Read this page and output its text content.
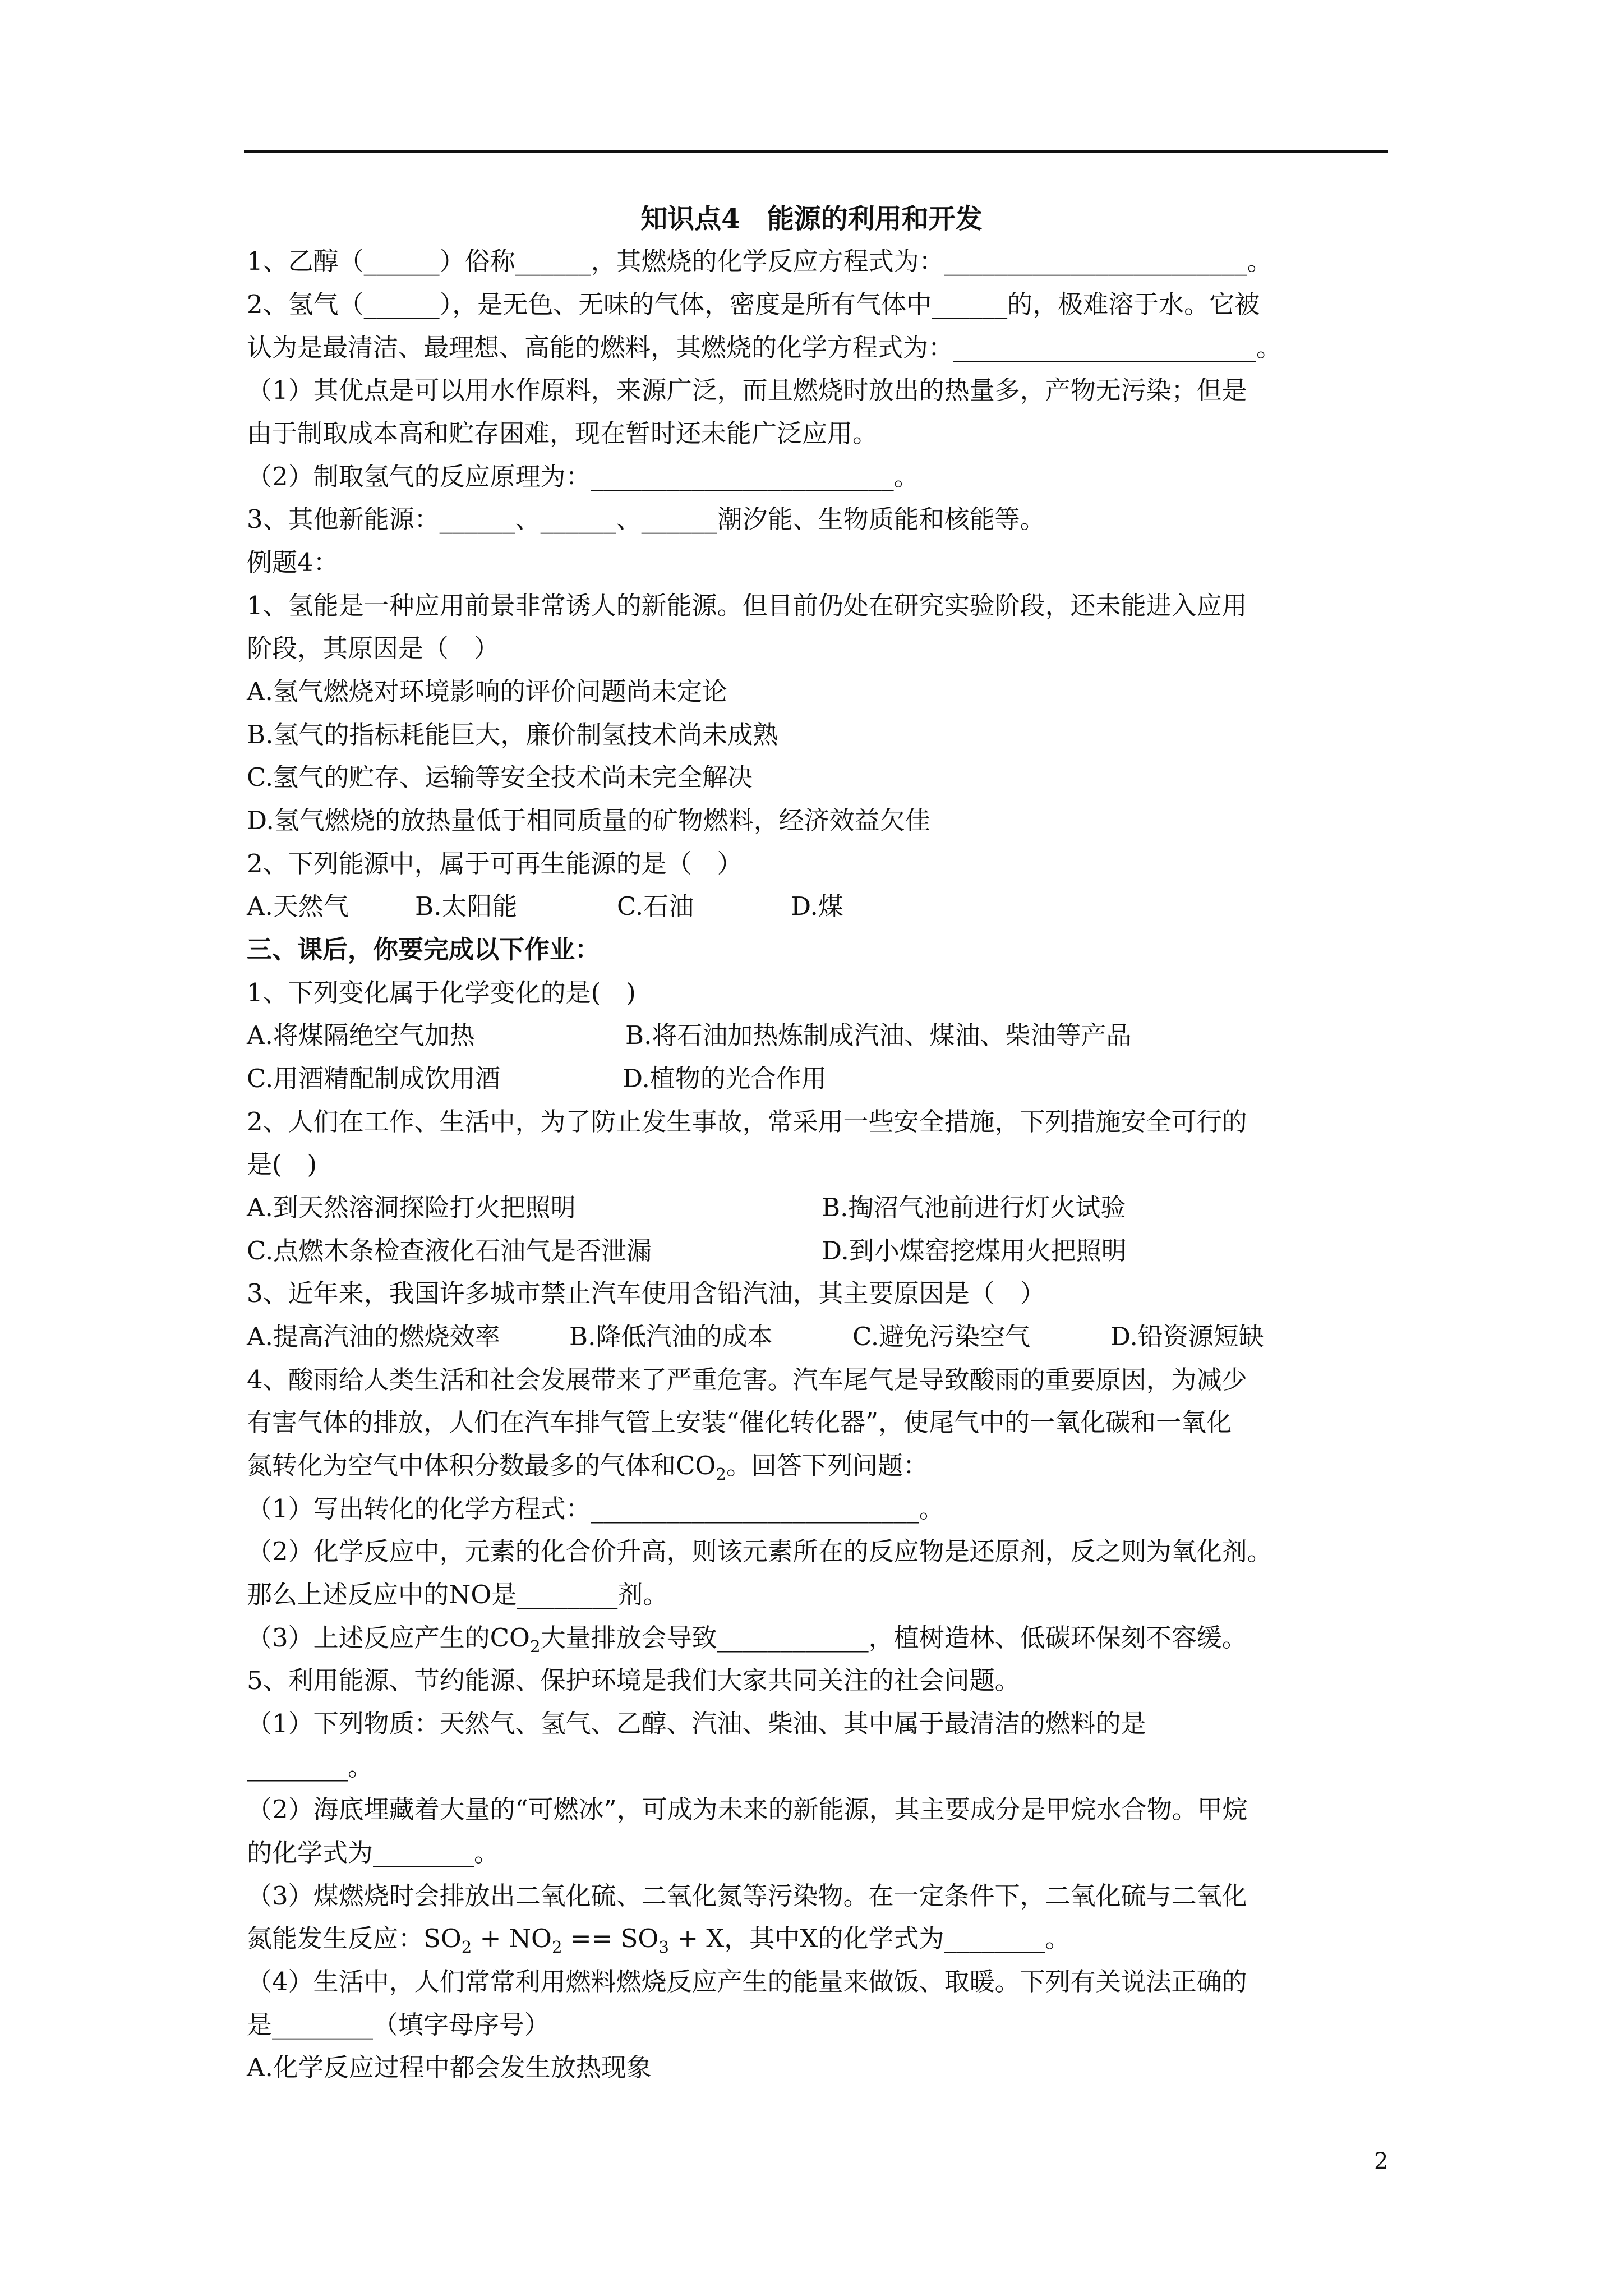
知识点4　能源的利用和开发
1、乙醇（______）俗称______，其燃烧的化学反应方程式为：________________________。
2、氢气（______），是无色、无味的气体，密度是所有气体中______的，极难溶于水。它被
认为是最清洁、最理想、高能的燃料，其燃烧的化学方程式为：________________________。
（1）其优点是可以用水作原料，来源广泛，而且燃烧时放出的热量多，产物无污染；但是
由于制取成本高和贮存困难，现在暂时还未能广泛应用。
（2）制取氢气的反应原理为：________________________。
3、其他新能源：______、______、______潮汐能、生物质能和核能等。
例题4：
1、氢能是一种应用前景非常诱人的新能源。但目前仍处在研究实验阶段，还未能进入应用
阶段，其原因是（　）
A.氢气燃烧对环境影响的评价问题尚未定论
B.氢气的指标耗能巨大，廉价制氢技术尚未成熟
C.氢气的贮存、运输等安全技术尚未完全解决
D.氢气燃烧的放热量低于相同质量的矿物燃料，经济效益欠佳
2、下列能源中，属于可再生能源的是（　）
A.天然气	B.太阳能	C.石油	D.煤
三、课后，你要完成以下作业：
1、下列变化属于化学变化的是(　)
A.将煤隔绝空气加热	B.将石油加热炼制成汽油、煤油、柴油等产品
C.用酒精配制成饮用酒	D.植物的光合作用
2、人们在工作、生活中，为了防止发生事故，常采用一些安全措施，下列措施安全可行的
是(　)
A.到天然溶洞探险打火把照明	B.掏沼气池前进行灯火试验
C.点燃木条检查液化石油气是否泄漏	D.到小煤窑挖煤用火把照明
3、近年来，我国许多城市禁止汽车使用含铅汽油，其主要原因是（　）
A.提高汽油的燃烧效率	B.降低汽油的成本	C.避免污染空气	D.铅资源短缺
4、酸雨给人类生活和社会发展带来了严重危害。汽车尾气是导致酸雨的重要原因，为减少
有害气体的排放，人们在汽车排气管上安装“催化转化器”，使尾气中的一氧化碳和一氧化
氮转化为空气中体积分数最多的气体和$CO_2$。回答下列问题：
（1）写出转化的化学方程式：__________________________。
（2）化学反应中，元素的化合价升高，则该元素所在的反应物是还原剂，反之则为氧化剂。
那么上述反应中的NO是________剂。
（3）上述反应产生的$CO_2$大量排放会导致____________，植树造林、低碳环保刻不容缓。
5、利用能源、节约能源、保护环境是我们大家共同关注的社会问题。
（1）下列物质：天然气、氢气、乙醇、汽油、柴油、其中属于最清洁的燃料的是
________。
（2）海底埋藏着大量的“可燃冰”，可成为未来的新能源，其主要成分是甲烷水合物。甲烷
的化学式为________。
（3）煤燃烧时会排放出二氧化硫、二氧化氮等污染物。在一定条件下，二氧化硫与二氧化
氮能发生反应：$SO_2 + NO_2 == SO_3 + X$，其中X的化学式为________。
（4）生活中，人们常常利用燃料燃烧反应产生的能量来做饭、取暖。下列有关说法正确的
是________（填字母序号）
A.化学反应过程中都会发生放热现象
2
